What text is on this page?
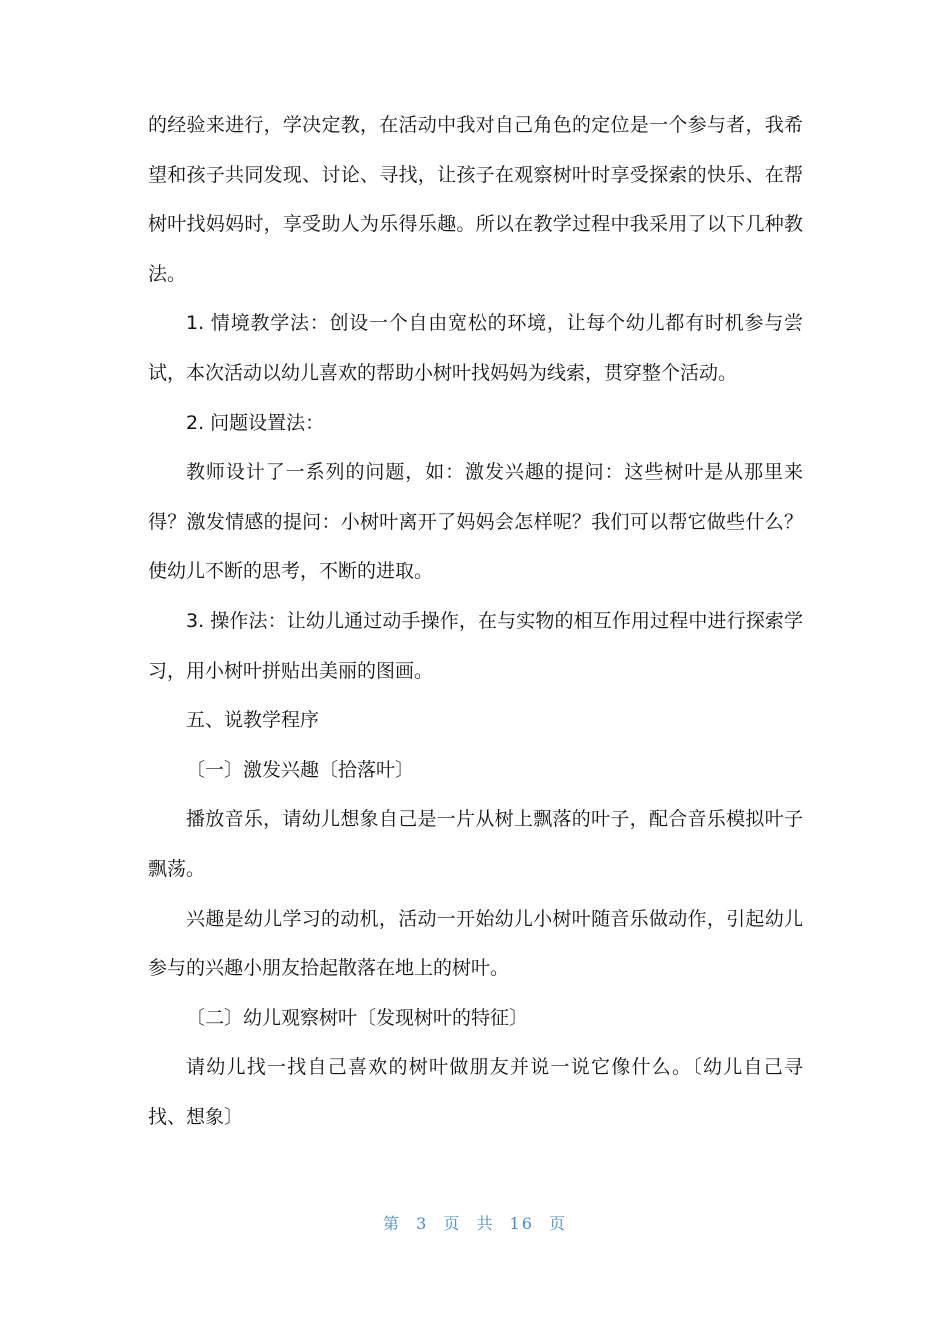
的经验来进行，学决定教，在活动中我对自己角色的定位是一个参与者，我希望和孩子共同发现、讨论、寻找，让孩子在观察树叶时享受探索的快乐、在帮树叶找妈妈时，享受助人为乐得乐趣。所以在教学过程中我采用了以下几种教法。

1. 情境教学法：创设一个自由宽松的环境，让每个幼儿都有时机参与尝试，本次活动以幼儿喜欢的帮助小树叶找妈妈为线索，贯穿整个活动。

2. 问题设置法：

教师设计了一系列的问题，如：激发兴趣的提问：这些树叶是从那里来得？激发情感的提问：小树叶离开了妈妈会怎样呢？我们可以帮它做些什么？使幼儿不断的思考，不断的进取。

3. 操作法：让幼儿通过动手操作，在与实物的相互作用过程中进行探索学习，用小树叶拼贴出美丽的图画。

五、说教学程序

〔一〕激发兴趣〔拾落叶〕

播放音乐，请幼儿想象自己是一片从树上飘落的叶子，配合音乐模拟叶子飘荡。

兴趣是幼儿学习的动机，活动一开始幼儿小树叶随音乐做动作，引起幼儿参与的兴趣小朋友拾起散落在地上的树叶。

〔二〕幼儿观察树叶〔发现树叶的特征〕

请幼儿找一找自己喜欢的树叶做朋友并说一说它像什么。〔幼儿自己寻找、想象〕

第 3 页 共 16 页
